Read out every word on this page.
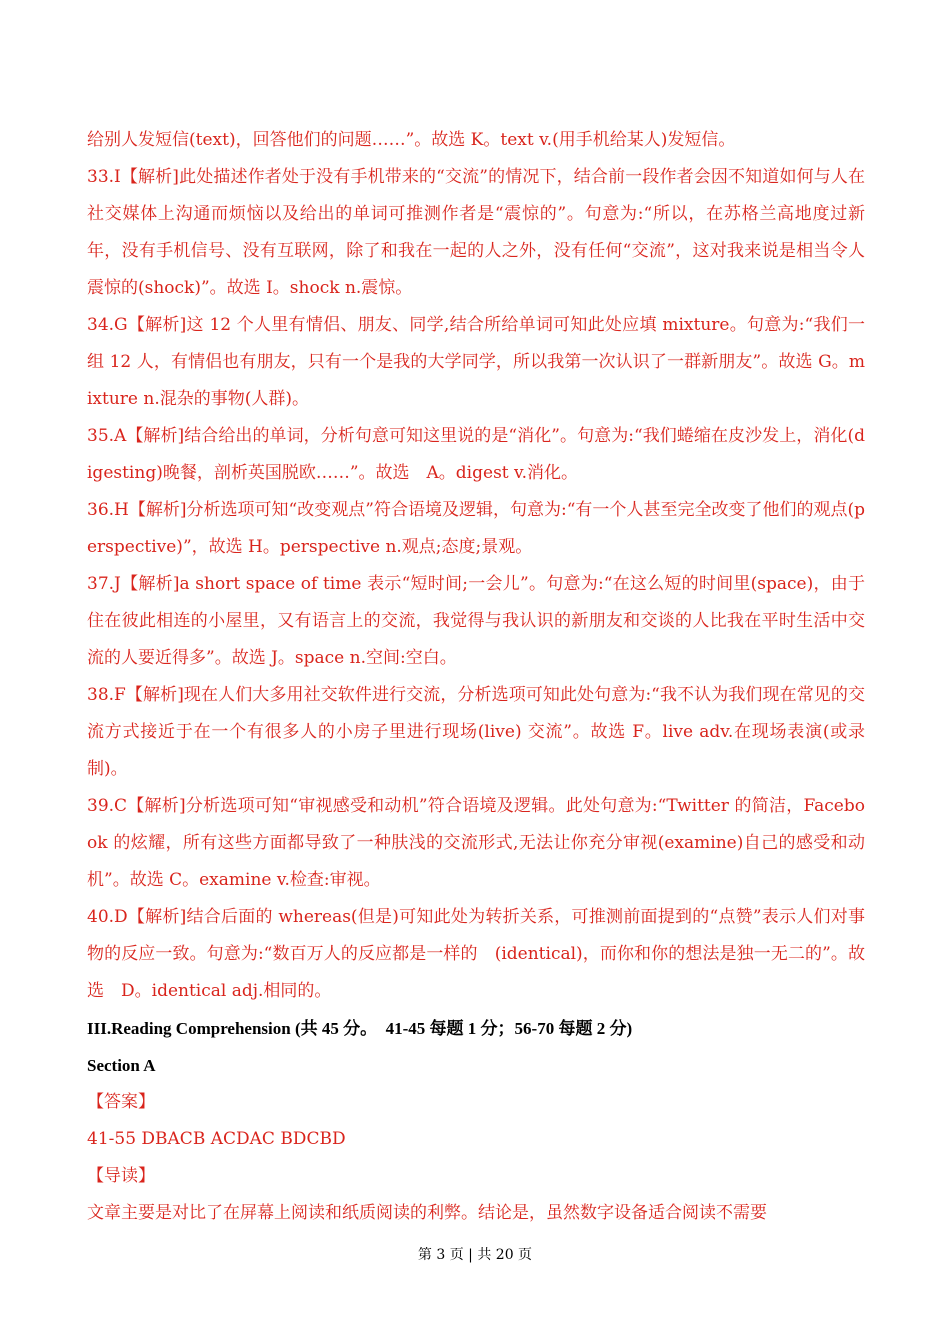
给别人发短信(text)，回答他们的问题……”。故选 K。text v.(用手机给某人)发短信。

33.I【解析]此处描述作者处于没有手机带来的“交流”的情况下，结合前一段作者会因不知道如何与人在社交媒体上沟通而烦恼以及给出的单词可推测作者是“震惊的”。句意为:“所以，在苏格兰高地度过新年，没有手机信号、没有互联网，除了和我在一起的人之外，没有任何“交流”，这对我来说是相当令人震惊的(shock)”。故选 I。shock n.震惊。

34.G【解析]这 12 个人里有情侣、朋友、同学,结合所给单词可知此处应填 mixture。句意为:“我们一组 12 人，有情侣也有朋友，只有一个是我的大学同学，所以我第一次认识了一群新朋友”。故选 G。mixture n.混杂的事物(人群)。

35.A【解析]结合给出的单词，分析句意可知这里说的是“消化”。句意为:“我们蜷缩在皮沙发上，消化(digesting)晚餐，剖析英国脱欧……”。故选　A。digest v.消化。

36.H【解析]分析选项可知“改变观点”符合语境及逻辑，句意为:“有一个人甚至完全改变了他们的观点(perspective)”，故选 H。perspective n.观点;态度;景观。

37.J【解析]a short space of time 表示“短时间;一会儿”。句意为:“在这么短的时间里(space)，由于住在彼此相连的小屋里，又有语言上的交流，我觉得与我认识的新朋友和交谈的人比我在平时生活中交流的人要近得多”。故选 J。space n.空间:空白。

38.F【解析]现在人们大多用社交软件进行交流，分析选项可知此处句意为:“我不认为我们现在常见的交流方式接近于在一个有很多人的小房子里进行现场(live) 交流”。故选 F。live adv.在现场表演(或录制)。

39.C【解析]分析选项可知“审视感受和动机”符合语境及逻辑。此处句意为:“Twitter 的简洁，Facebook 的炫耀，所有这些方面都导致了一种肤浅的交流形式,无法让你充分审视(examine)自己的感受和动机”。故选 C。examine v.检查:审视。

40.D【解析]结合后面的 whereas(但是)可知此处为转折关系，可推测前面提到的“点赞”表示人们对事物的反应一致。句意为:“数百万人的反应都是一样的　(identical)，而你和你的想法是独一无二的”。故选　D。identical adj.相同的。

III.Reading Comprehension (共 45 分。　41-45 每题 1 分；56-70 每题 2 分)

Section A

【答案】

41-55 DBACB ACDAC BDCBD

【导读】

文章主要是对比了在屏幕上阅读和纸质阅读的利弊。结论是，虽然数字设备适合阅读不需要

第 3 页 | 共 20 页
